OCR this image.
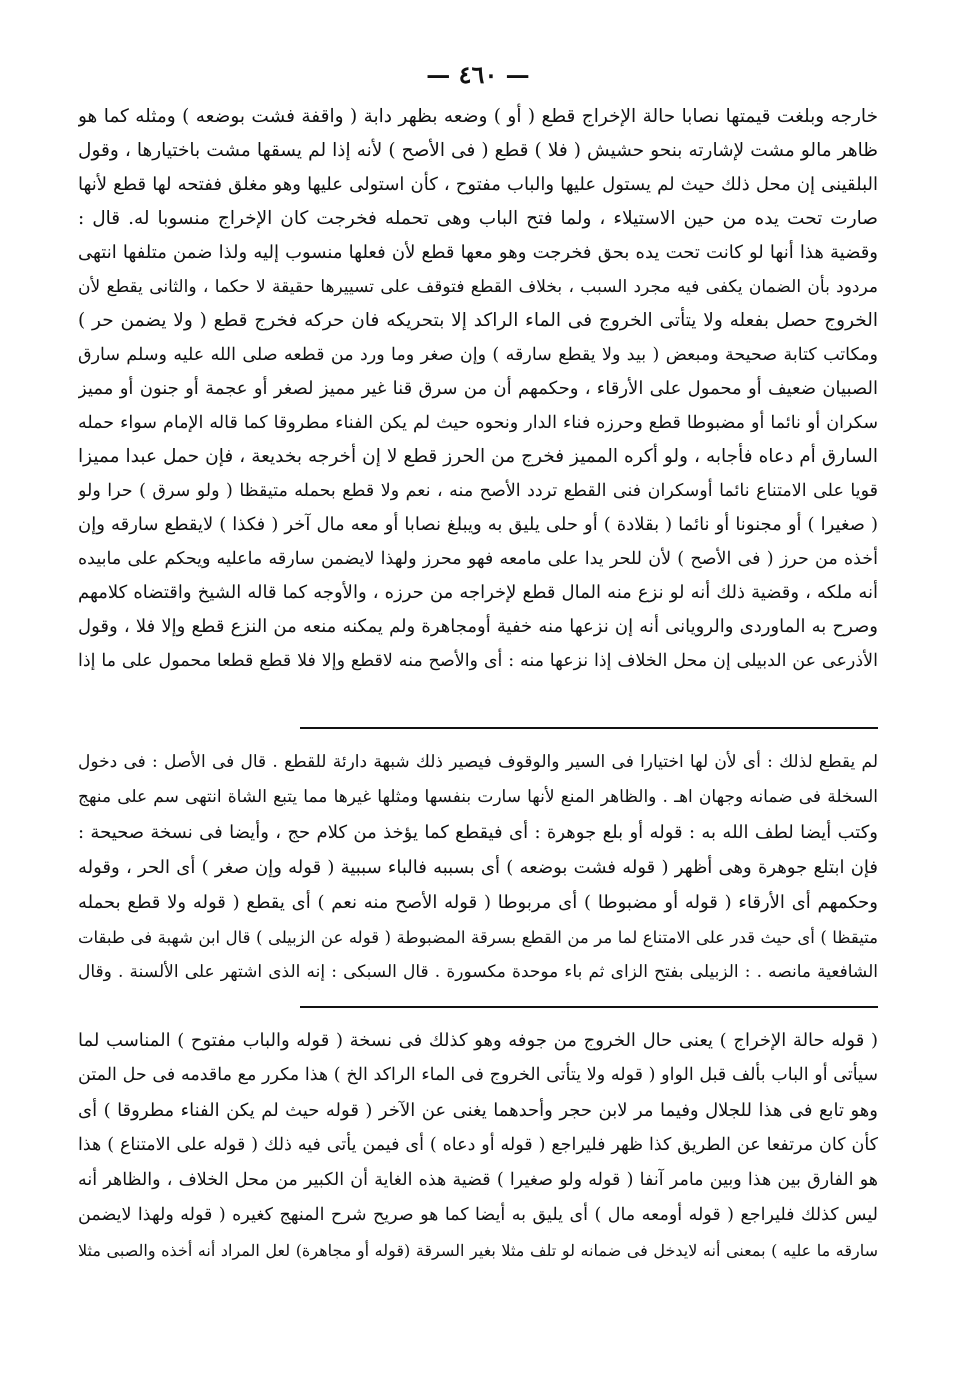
— ٤٦٠ —
خارجه وبلغت قيمتها نصابا حالة الإخراج قطع ( أو ) وضعه بظهر دابة ( واقفة فشت بوضعه ) ومثله كما هو
ظاهر مالو مشت لإشارته بنحو حشيش ( فلا ) قطع ( فى الأصح ) لأنه إذا لم يسقها مشت باختيارها ، وقول
البلقينى إن محل ذلك حيث لم يستول عليها والباب مفتوح ، كأن استولى عليها وهو مغلق ففتحه لها قطع لأنها
صارت تحت يده من حين الاستيلاء ، ولما فتح الباب وهى تحمله فخرجت كان الإخراج منسوبا له. قال :
وقضية هذا أنها لو كانت تحت يده بحق فخرجت وهو معها قطع لأن فعلها منسوب إليه ولذا ضمن متلفها انتهى
مردود بأن الضمان يكفى فيه مجرد السبب ، بخلاف القطع فتوقف على تسييرها حقيقة لا حكما ، والثانى يقطع لأن
الخروج حصل بفعله ولا يتأتى الخروج فى الماء الراكد إلا بتحريكه فان حركه فخرج قطع ( ولا يضمن حر )
ومكاتب كتابة صحيحة ومبعض ( بيد ولا يقطع سارقه ) وإن صغر وما ورد من قطعه صلى الله عليه وسلم سارق
الصبيان ضعيف أو محمول على الأرقاء ، وحكمهم أن من سرق قنا غير مميز لصغر أو عجمة أو جنون أو مميز
سكران أو نائما أو مضبوطا قطع وحرزه فناء الدار ونحوه حيث لم يكن الفناء مطروقا كما قاله الإمام سواء حمله
السارق أم دعاه فأجابه ، ولو أكره المميز فخرج من الحرز قطع لا إن أخرجه بخديعة ، فإن حمل عبدا مميزا
قويا على الامتناع نائما أوسكران فنى القطع تردد الأصح منه ، نعم ولا قطع بحمله متيقظا ( ولو سرق ) حرا ولو
( صغيرا ) أو مجنونا أو نائما ( بقلادة ) أو حلى يليق به ويبلغ نصابا أو معه مال آخر ( فكذا ) لايقطع سارقه وإن
أخذه من حرز ( فى الأصح ) لأن للحر يدا على مامعه فهو محرز ولهذا لايضمن سارقه ماعليه ويحكم على مابيده
أنه ملكه ، وقضية ذلك أنه لو نزع منه المال قطع لإخراجه من حرزه ، والأوجه كما قاله الشيخ واقتضاه كلامهم
وصرح به الماوردى والرويانى أنه إن نزعها منه خفية أومجاهرة ولم يمكنه منعه من النزع قطع وإلا فلا ، وقول
الأذرعى عن الدبيلى إن محل الخلاف إذا نزعها منه : أى والأصح منه لاقطع وإلا فلا قطع قطعا محمول على ما إذا
لم يقطع لذلك : أى لأن لها اختيارا فى السير والوقوف فيصير ذلك شبهة دارئة للقطع . قال فى الأصل : فى دخول
السخلة فى ضمانه وجهان اهـ . والظاهر المنع لأنها سارت بنفسها ومثلها غيرها مما يتبع الشاة انتهى سم على منهج
وكتب أيضا لطف الله به : قوله أو بلع جوهرة : أى فيقطع كما يؤخذ من كلام حج ، وأيضا فى نسخة صحيحة :
فإن ابتلع جوهرة وهى أظهر ( قوله فشت بوضعه ) أى بسببه فالباء سببية ( قوله وإن صغر ) أى الحر ، وقوله
وحكمهم أى الأرقاء ( قوله أو مضبوطا ) أى مربوطا ( قوله الأصح منه نعم ) أى يقطع ( قوله ولا قطع بحمله
متيقظا ) أى حيث قدر على الامتناع لما مر من القطع بسرقة المضبوطة ( قوله عن الزبيلى ) قال ابن شهبة فى طبقات
الشافعية مانصه . : الزبيلى بفتح الزاى ثم باء موحدة مكسورة . قال السبكى : إنه الذى اشتهر على الألسنة . وقال
( قوله حالة الإخراج ) يعنى حال الخروج من جوفه وهو كذلك فى نسخة ( قوله والباب مفتوح ) المناسب لما
سيأتى أو الباب بألف قبل الواو ( قوله ولا يتأتى الخروج فى الماء الراكد الخ ) هذا مكرر مع ماقدمه فى حل المتن
وهو تابع فى هذا للجلال وفيما مر لابن حجر وأحدهما يغنى عن الآخر ( قوله حيث لم يكن الفناء مطروقا ) أى
كأن كان مرتفعا عن الطريق كذا ظهر فليراجع ( قوله أو دعاه ) أى فيمن يأتى فيه ذلك ( قوله على الامتناع ) هذا
هو الفارق بين هذا وبين مامر آنفا ( قوله ولو صغيرا ) قضية هذه الغاية أن الكبير من محل الخلاف ، والظاهر أنه
ليس كذلك فليراجع ( قوله أومعه مال ) أى يليق به أيضا كما هو صريح شرح المنهج كغيره ( قوله ولهذا لايضمن
سارقه ما عليه ) بمعنى أنه لايدخل فى ضمانه لو تلف مثلا بغير السرقة (قوله أو مجاهرة) لعل المراد أنه أخذه والصبى مثلا
